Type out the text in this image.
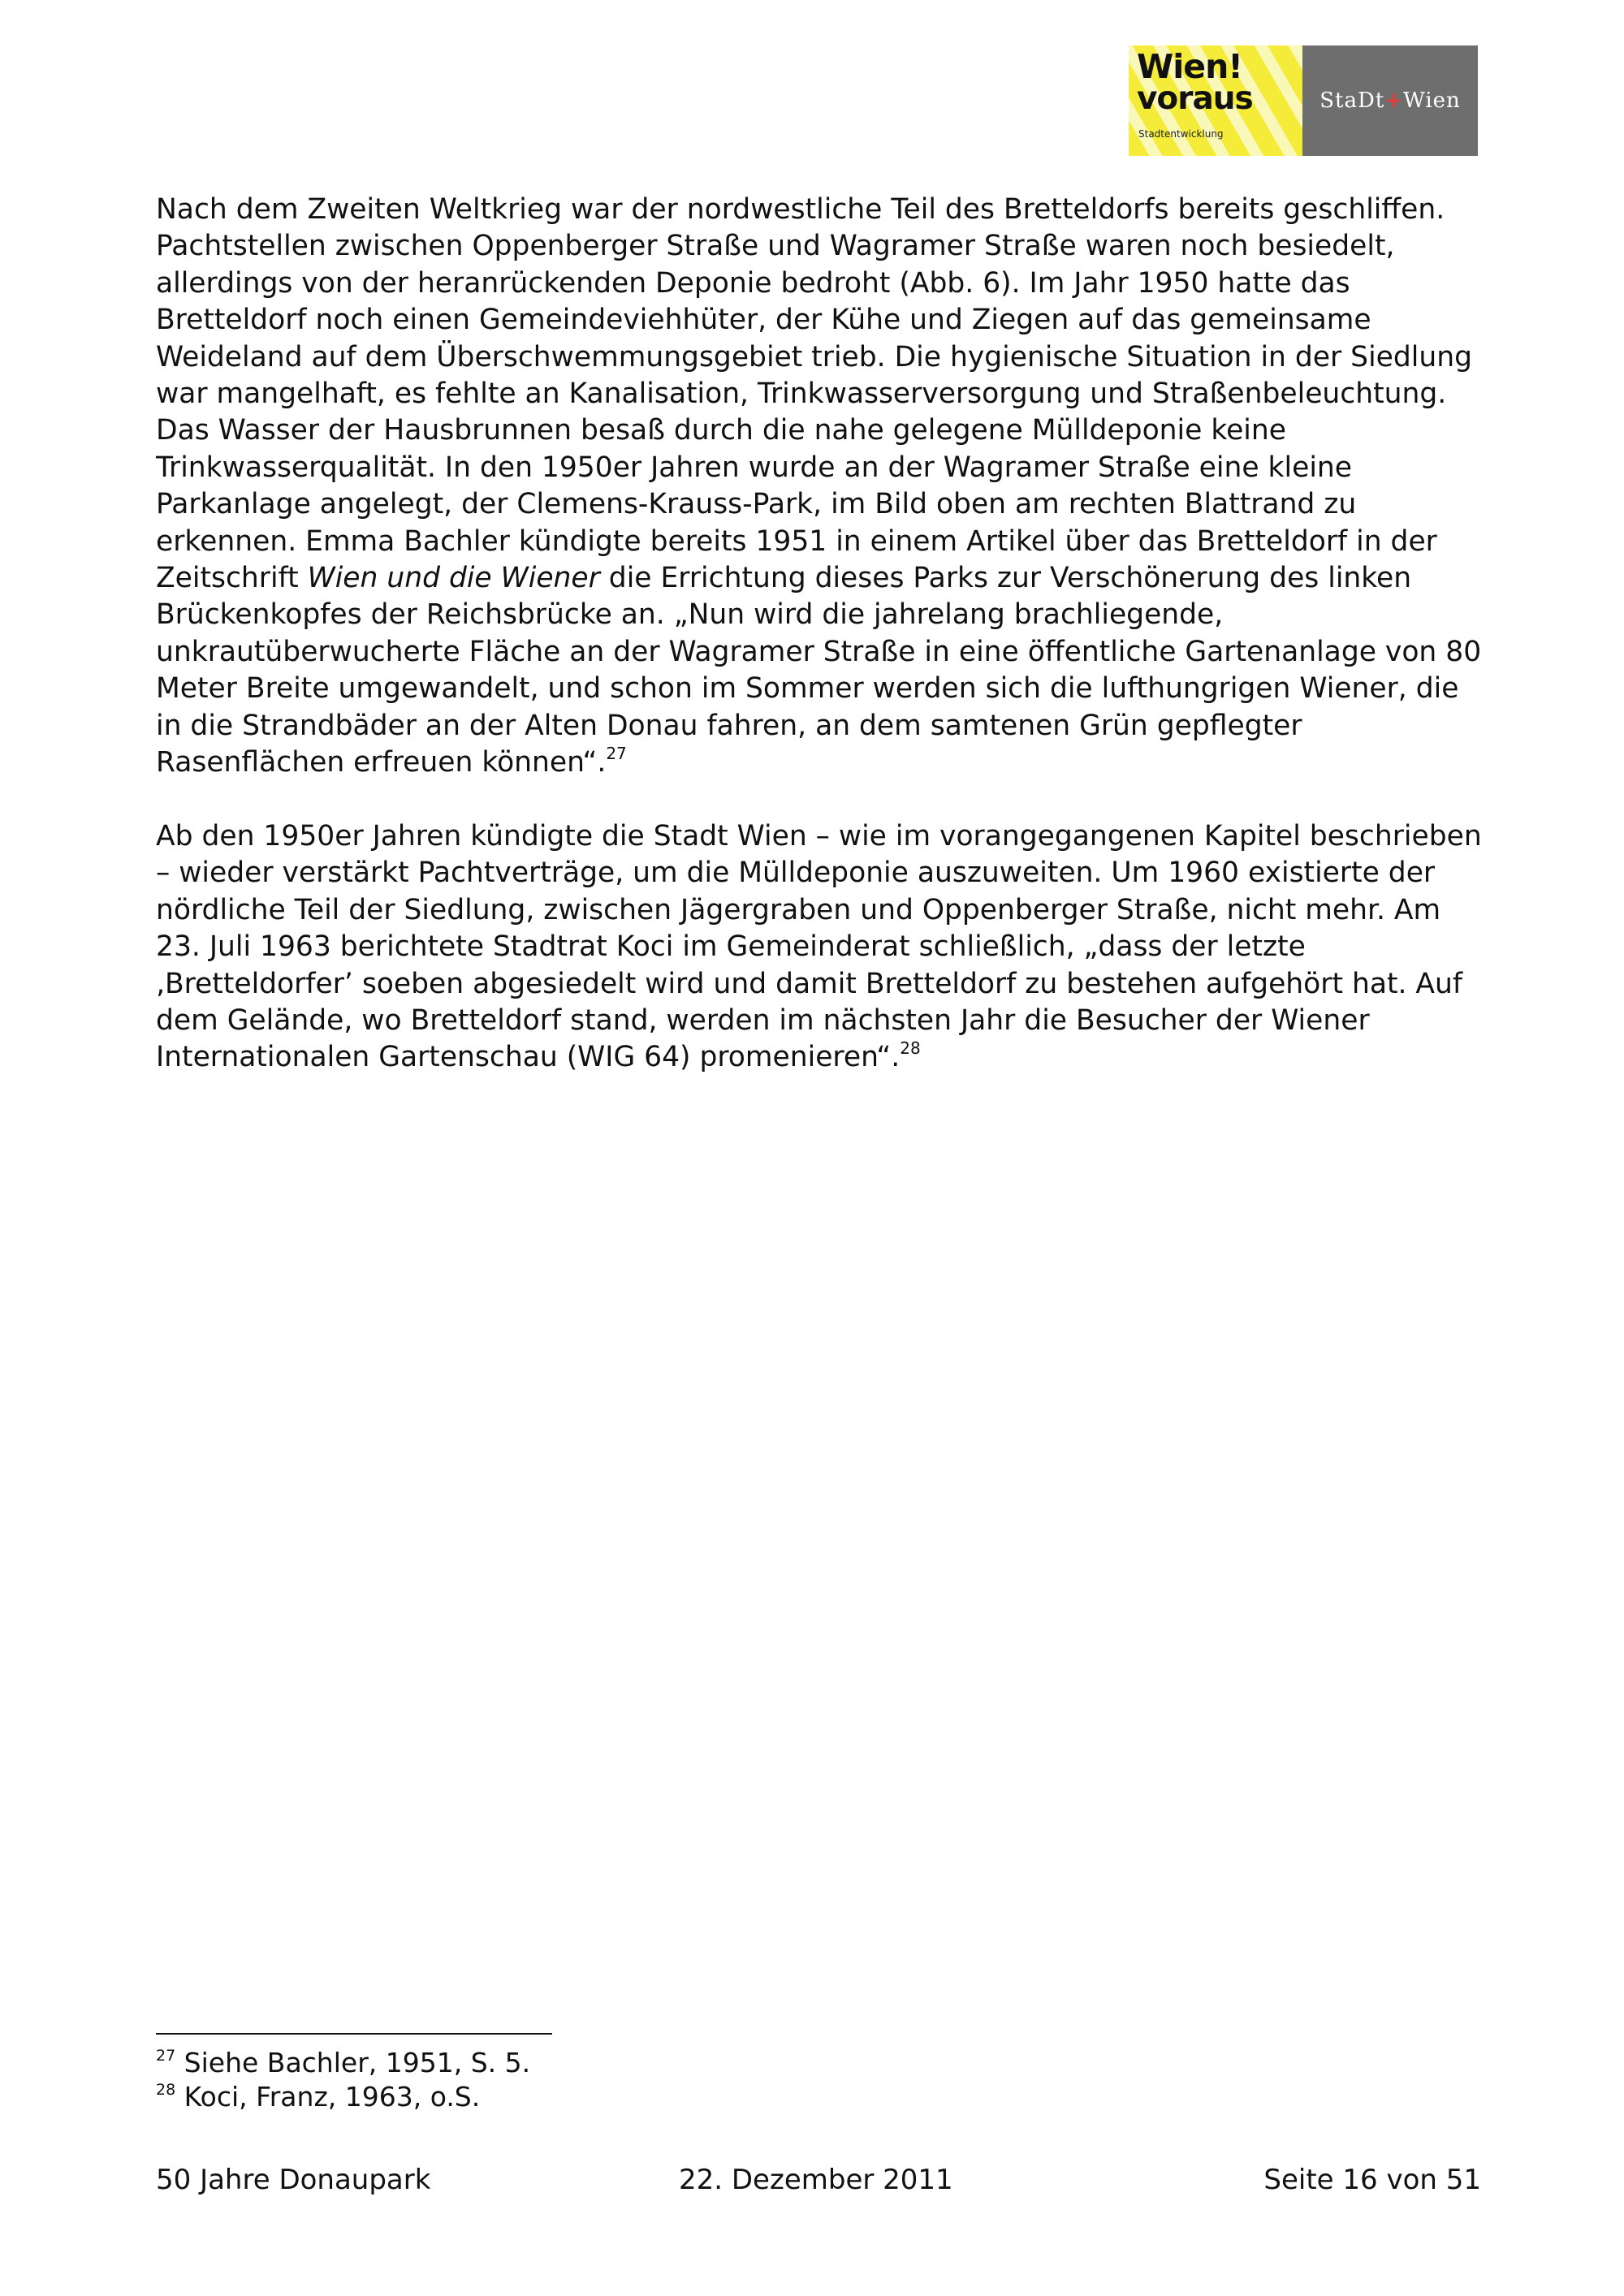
Wien!
voraus
Stadtentwicklung
StaDt+Wien

Nach dem Zweiten Weltkrieg war der nordwestliche Teil des Bretteldorfs bereits geschliffen. Pachtstellen zwischen Oppenberger Straße und Wagramer Straße waren noch besiedelt, allerdings von der heranrückenden Deponie bedroht (Abb. 6). Im Jahr 1950 hatte das Bretteldorf noch einen Gemeindeviehhüter, der Kühe und Ziegen auf das gemeinsame Weideland auf dem Überschwemmungsgebiet trieb. Die hygienische Situation in der Siedlung war mangelhaft, es fehlte an Kanalisation, Trinkwasserversorgung und Straßenbeleuchtung. Das Wasser der Hausbrunnen besaß durch die nahe gelegene Mülldeponie keine Trinkwasserqualität. In den 1950er Jahren wurde an der Wagramer Straße eine kleine Parkanlage angelegt, der Clemens-Krauss-Park, im Bild oben am rechten Blattrand zu erkennen. Emma Bachler kündigte bereits 1951 in einem Artikel über das Bretteldorf in der Zeitschrift Wien und die Wiener die Errichtung dieses Parks zur Verschönerung des linken Brückenkopfes der Reichsbrücke an. „Nun wird die jahrelang brachliegende, unkrautüberwucherte Fläche an der Wagramer Straße in eine öffentliche Gartenanlage von 80 Meter Breite umgewandelt, und schon im Sommer werden sich die lufthungrigen Wiener, die in die Strandbäder an der Alten Donau fahren, an dem samtenen Grün gepflegter Rasenflächen erfreuen können“.$^{27}$

Ab den 1950er Jahren kündigte die Stadt Wien – wie im vorangegangenen Kapitel beschrieben – wieder verstärkt Pachtverträge, um die Mülldeponie auszuweiten. Um 1960 existierte der nördliche Teil der Siedlung, zwischen Jägergraben und Oppenberger Straße, nicht mehr. Am 23. Juli 1963 berichtete Stadtrat Koci im Gemeinderat schließlich, „dass der letzte ‚Bretteldorfer’ soeben abgesiedelt wird und damit Bretteldorf zu bestehen aufgehört hat. Auf dem Gelände, wo Bretteldorf stand, werden im nächsten Jahr die Besucher der Wiener Internationalen Gartenschau (WIG 64) promenieren“.$^{28}$

$^{27}$ Siehe Bachler, 1951, S. 5.
$^{28}$ Koci, Franz, 1963, o.S.
50 Jahre Donaupark	22. Dezember 2011	Seite 16 von 51
